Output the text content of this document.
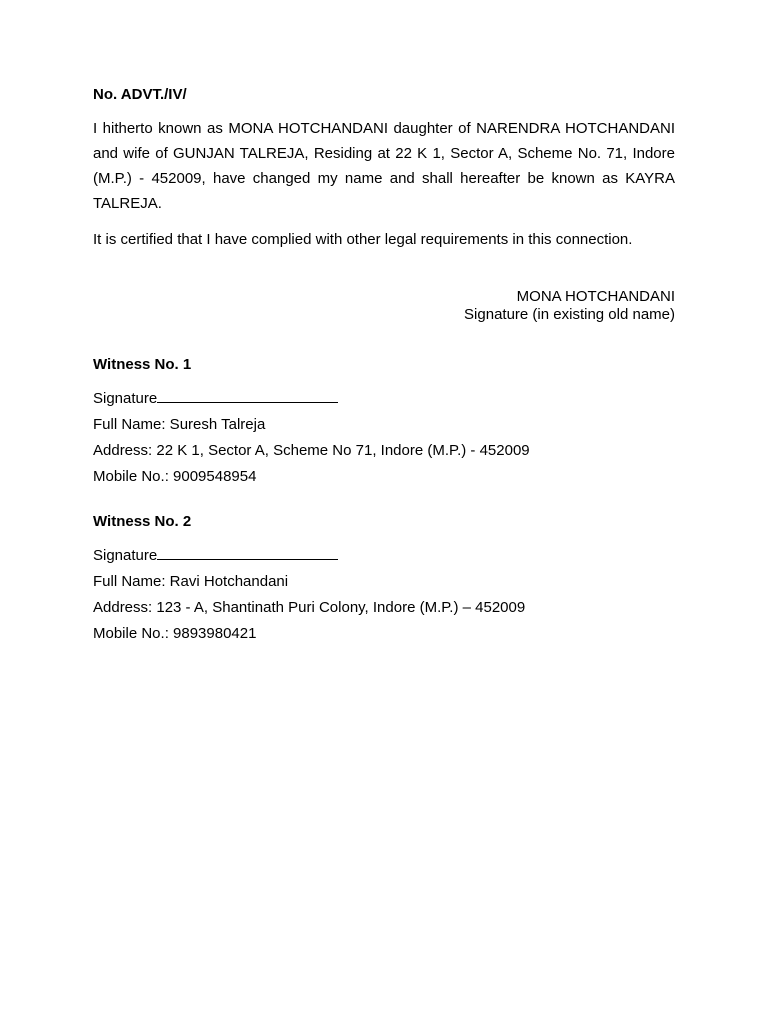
No. ADVT./IV/
I hitherto known as MONA HOTCHANDANI daughter of NARENDRA HOTCHANDANI and wife of GUNJAN TALREJA, Residing at 22 K 1, Sector A, Scheme No. 71, Indore (M.P.) - 452009, have changed my name and shall hereafter be known as KAYRA TALREJA.
It is certified that I have complied with other legal requirements in this connection.
MONA HOTCHANDANI
Signature (in existing old name)
Witness No. 1
Signature
Full Name: Suresh Talreja
Address: 22 K 1, Sector A, Scheme No 71, Indore (M.P.) - 452009
Mobile No.: 9009548954
Witness No. 2
Signature
Full Name: Ravi Hotchandani
Address: 123 - A, Shantinath Puri Colony, Indore (M.P.) – 452009
Mobile No.: 9893980421
